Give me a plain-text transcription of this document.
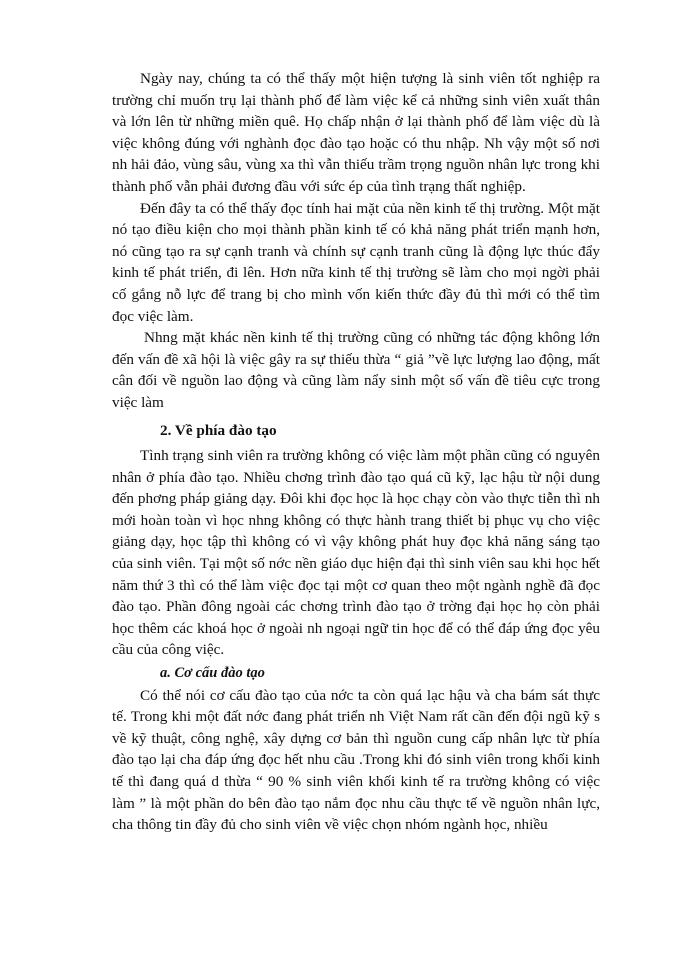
Ngày nay, chúng ta có thể thấy một hiện tượng là sinh viên tốt nghiệp ra trường chỉ muốn trụ lại thành phố để làm việc kể cả những sinh viên xuất thân và lớn lên từ những miền quê. Họ chấp nhận ở lại thành phố để làm việc dù là việc không đúng với nghành đọc đào tạo hoặc có thu nhập. Nh vậy một số nơi nh hải đảo, vùng sâu, vùng xa thì vẫn thiếu trầm trọng nguồn nhân lực trong khi thành phố vẫn phải đương đầu với sức ép của tình trạng thất nghiệp.

Đến đây ta có thể thấy đọc tính hai mặt của nền kinh tế thị trường. Một mặt nó tạo điều kiện cho mọi thành phần kinh tế có khả năng phát triển mạnh hơn, nó cũng tạo ra sự cạnh tranh và chính sự cạnh tranh cũng là động lực thúc đẩy kinh tế phát triển, đi lên. Hơn nữa kinh tế thị trường sẽ làm cho mọi ngời phải cố gắng nỗ lực để trang bị cho mình vốn kiến thức đầy đủ thì mới có thể tìm đọc việc làm.

Nhng mặt khác nền kinh tế thị trường cũng có những tác động không lớn đến vấn đề xã hội là việc gây ra sự thiếu thừa “ giả ”về lực lượng lao động, mất cân đối về nguồn lao động và cũng làm nẩy sinh một số vấn đề tiêu cực trong việc làm

2. Về phía đào tạo

Tình trạng sinh viên ra trường không có việc làm một phần cũng có nguyên nhân ở phía đào tạo. Nhiều chơng trình đào tạo quá cũ kỹ, lạc hậu từ nội dung đến phơng pháp giảng dạy. Đôi khi đọc học là học chạy còn vào thực tiễn thì nh mới hoàn toàn vì học nhng không có thực hành trang thiết bị phục vụ cho việc giảng dạy, học tập thì không có vì vậy không phát huy đọc khả năng sáng tạo của sinh viên. Tại một số nớc nền giáo dục hiện đại thì sinh viên sau khi học hết năm thứ 3 thì có thể làm việc đọc tại một cơ quan theo một ngành nghề đã đọc đào tạo. Phần đông ngoài các chơng trình đào tạo ở trờng đại học họ còn phải học thêm các khoá học ở ngoài nh ngoại ngữ tin học để có thể đáp ứng đọc yêu cầu của công việc.

a. Cơ cấu đào tạo

Có thể nói cơ cấu đào tạo của nớc ta còn quá lạc hậu và cha bám sát thực tế. Trong khi một đất nớc đang phát triển nh Việt Nam rất cần đến đội ngũ kỹ s về kỹ thuật, công nghệ, xây dựng cơ bản thì nguồn cung cấp nhân lực từ phía đào tạo lại cha đáp ứng đọc hết nhu cầu .Trong khi đó sinh viên trong khối kinh tế thì đang quá d thừa “ 90 % sinh viên khối kinh tế ra trường không có việc làm ” là một phần do bên đào tạo nắm đọc nhu cầu thực tế về nguồn nhân lực, cha thông tin đầy đủ cho sinh viên về việc chọn nhóm ngành học, nhiều
